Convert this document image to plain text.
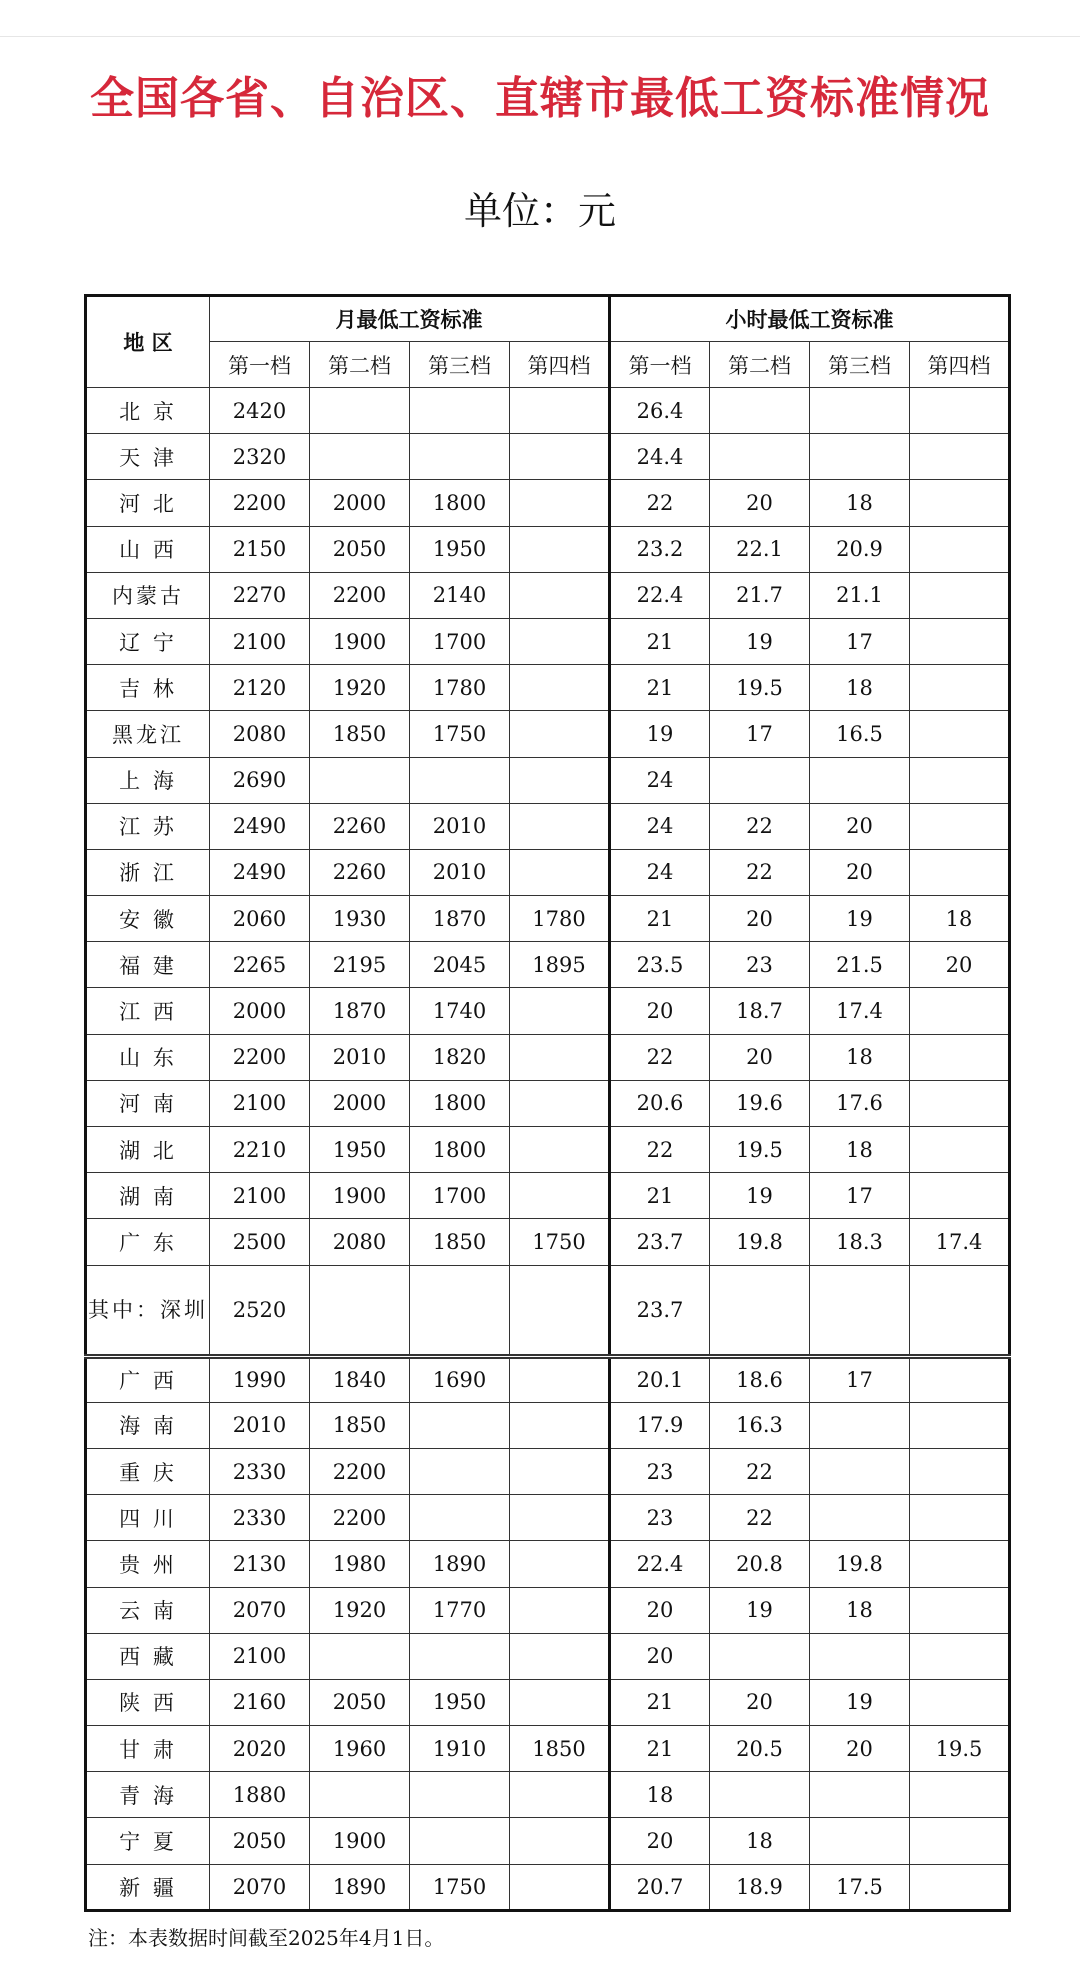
全国各省、自治区、直辖市最低工资标准情况
单位：元
地 区	月最低工资标准				小时最低工资标准			
	第一档	第二档	第三档	第四档	第一档	第二档	第三档	第四档
北 京	2420				26.4			
天 津	2320				24.4			
河 北	2200	2000	1800		22	20	18	
山 西	2150	2050	1950		23.2	22.1	20.9	
内蒙古	2270	2200	2140		22.4	21.7	21.1	
辽 宁	2100	1900	1700		21	19	17	
吉 林	2120	1920	1780		21	19.5	18	
黑龙江	2080	1850	1750		19	17	16.5	
上 海	2690				24			
江 苏	2490	2260	2010		24	22	20	
浙 江	2490	2260	2010		24	22	20	
安 徽	2060	1930	1870	1780	21	20	19	18
福 建	2265	2195	2045	1895	23.5	23	21.5	20
江 西	2000	1870	1740		20	18.7	17.4	
山 东	2200	2010	1820		22	20	18	
河 南	2100	2000	1800		20.6	19.6	17.6	
湖 北	2210	1950	1800		22	19.5	18	
湖 南	2100	1900	1700		21	19	17	
广 东	2500	2080	1850	1750	23.7	19.8	18.3	17.4
其中：深圳	2520				23.7			
广 西	1990	1840	1690		20.1	18.6	17	
海 南	2010	1850			17.9	16.3		
重 庆	2330	2200			23	22		
四 川	2330	2200			23	22		
贵 州	2130	1980	1890		22.4	20.8	19.8	
云 南	2070	1920	1770		20	19	18	
西 藏	2100				20			
陕 西	2160	2050	1950		21	20	19	
甘 肃	2020	1960	1910	1850	21	20.5	20	19.5
青 海	1880				18			
宁 夏	2050	1900			20	18		
新 疆	2070	1890	1750		20.7	18.9	17.5	
注：本表数据时间截至2025年4月1日。
